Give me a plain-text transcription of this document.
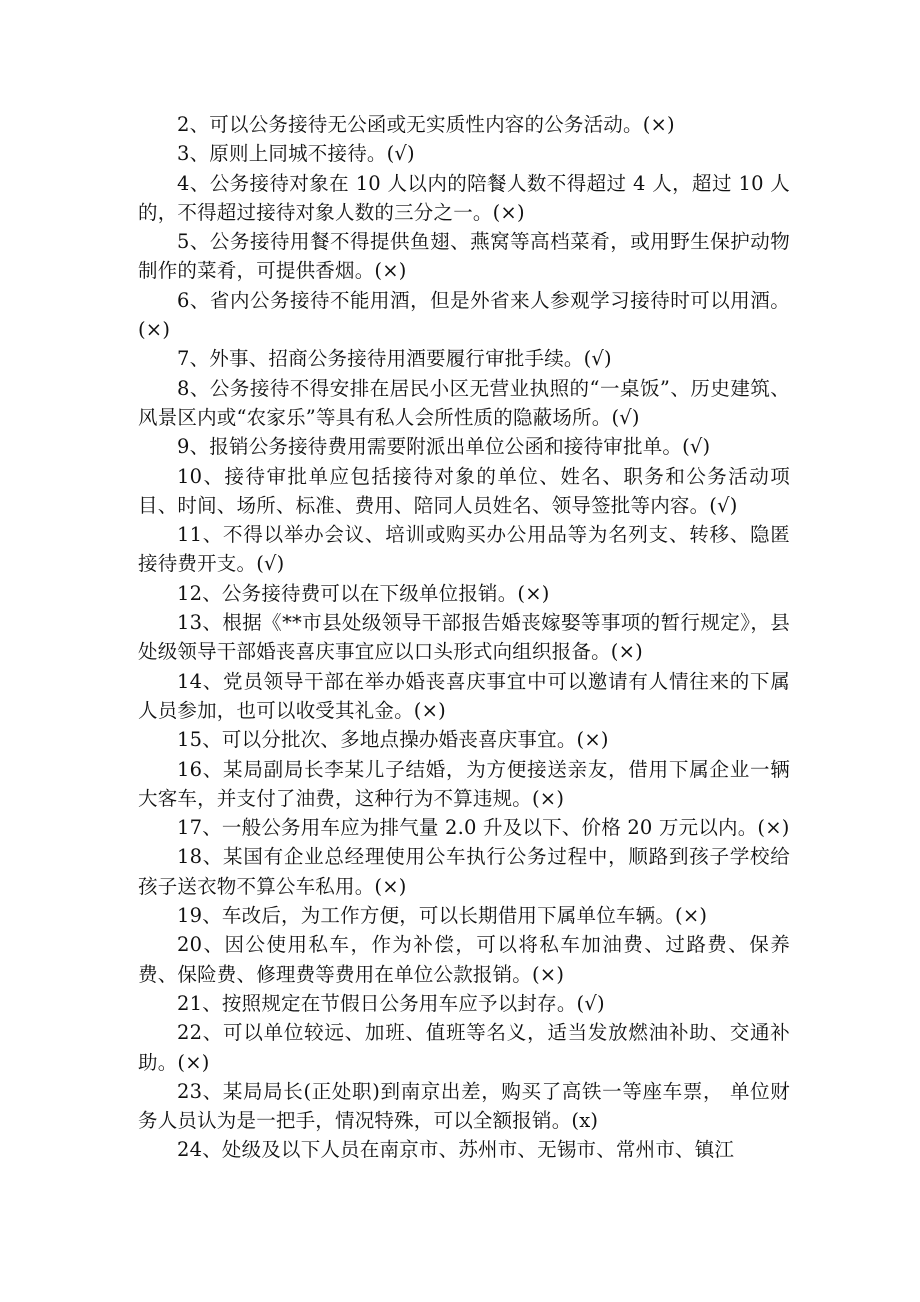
2、可以公务接待无公函或无实质性内容的公务活动。(×)

3、原则上同城不接待。(√)

4、公务接待对象在 10 人以内的陪餐人数不得超过 4 人，超过 10 人的，不得超过接待对象人数的三分之一。(×)

5、公务接待用餐不得提供鱼翅、燕窝等高档菜肴，或用野生保护动物制作的菜肴，可提供香烟。(×)

6、省内公务接待不能用酒，但是外省来人参观学习接待时可以用酒。(×)

7、外事、招商公务接待用酒要履行审批手续。(√)

8、公务接待不得安排在居民小区无营业执照的“一桌饭”、历史建筑、风景区内或“农家乐”等具有私人会所性质的隐蔽场所。(√)

9、报销公务接待费用需要附派出单位公函和接待审批单。(√)

10、接待审批单应包括接待对象的单位、姓名、职务和公务活动项目、时间、场所、标准、费用、陪同人员姓名、领导签批等内容。(√)

11、不得以举办会议、培训或购买办公用品等为名列支、转移、隐匿接待费开支。(√)

12、公务接待费可以在下级单位报销。(×)

13、根据《**市县处级领导干部报告婚丧嫁娶等事项的暂行规定》，县处级领导干部婚丧喜庆事宜应以口头形式向组织报备。(×)

14、党员领导干部在举办婚丧喜庆事宜中可以邀请有人情往来的下属人员参加，也可以收受其礼金。(×)

15、可以分批次、多地点操办婚丧喜庆事宜。(×)

16、某局副局长李某儿子结婚，为方便接送亲友，借用下属企业一辆大客车，并支付了油费，这种行为不算违规。(×)

17、一般公务用车应为排气量 2.0 升及以下、价格 20 万元以内。(×)

18、某国有企业总经理使用公车执行公务过程中，顺路到孩子学校给孩子送衣物不算公车私用。(×)

19、车改后，为工作方便，可以长期借用下属单位车辆。(×)

20、因公使用私车，作为补偿，可以将私车加油费、过路费、保养费、保险费、修理费等费用在单位公款报销。(×)

21、按照规定在节假日公务用车应予以封存。(√)

22、可以单位较远、加班、值班等名义，适当发放燃油补助、交通补助。(×)

23、某局局长(正处职)到南京出差，购买了高铁一等座车票， 单位财务人员认为是一把手，情况特殊，可以全额报销。(x)

24、处级及以下人员在南京市、苏州市、无锡市、常州市、镇江
